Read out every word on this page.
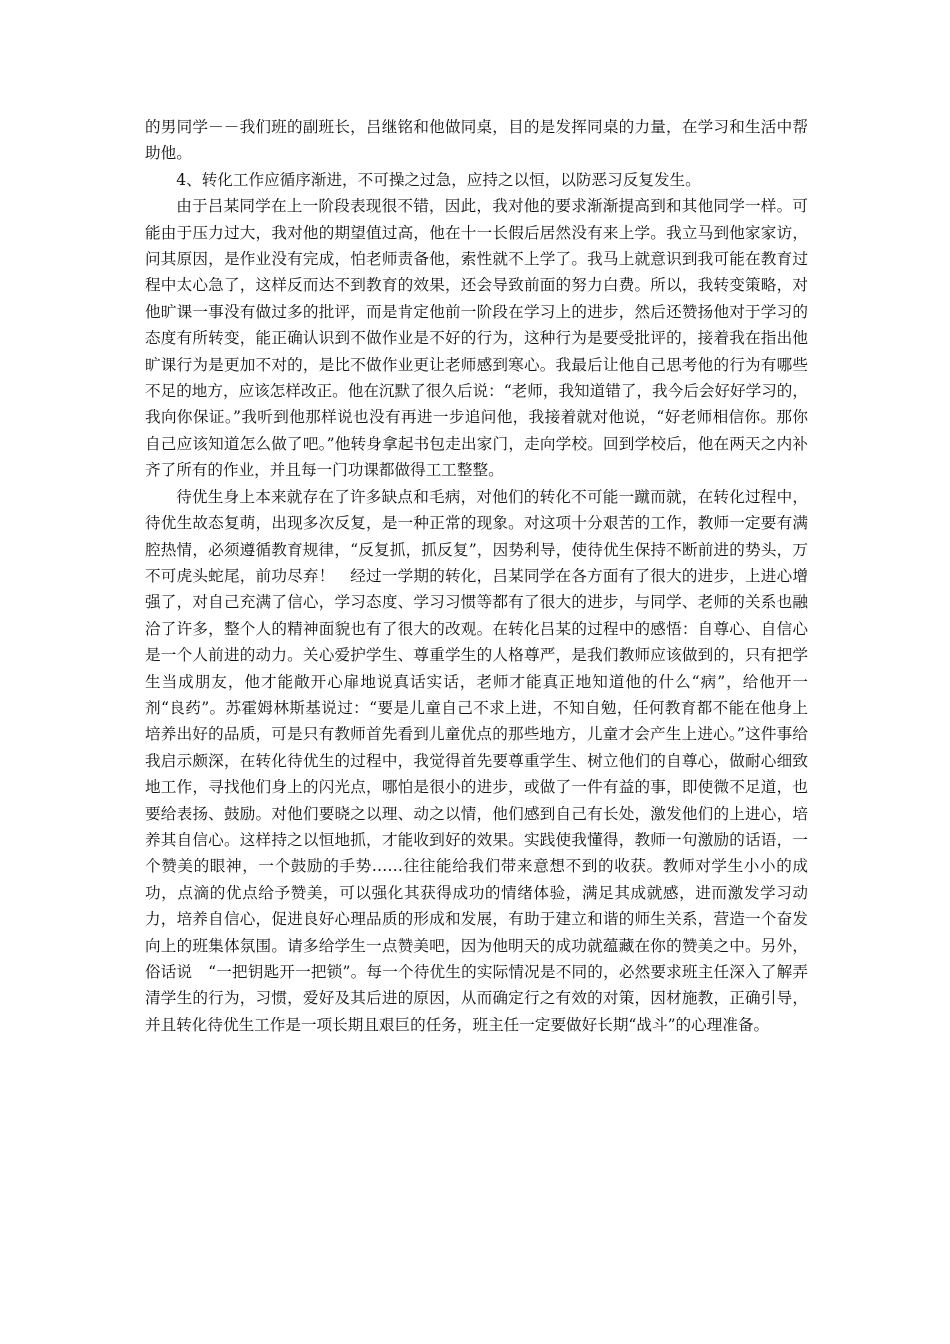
的男同学－－我们班的副班长，吕继铭和他做同桌，目的是发挥同桌的力量，在学习和生活中帮助他。

4、转化工作应循序渐进，不可操之过急，应持之以恒，以防恶习反复发生。

由于吕某同学在上一阶段表现很不错，因此，我对他的要求渐渐提高到和其他同学一样。可能由于压力过大，我对他的期望值过高，他在十一长假后居然没有来上学。我立马到他家家访，问其原因，是作业没有完成，怕老师责备他，索性就不上学了。我马上就意识到我可能在教育过程中太心急了，这样反而达不到教育的效果，还会导致前面的努力白费。所以，我转变策略，对他旷课一事没有做过多的批评，而是肯定他前一阶段在学习上的进步，然后还赞扬他对于学习的态度有所转变，能正确认识到不做作业是不好的行为，这种行为是要受批评的，接着我在指出他旷课行为是更加不对的，是比不做作业更让老师感到寒心。我最后让他自己思考他的行为有哪些不足的地方，应该怎样改正。他在沉默了很久后说：“老师，我知道错了，我今后会好好学习的，我向你保证。”我听到他那样说也没有再进一步追问他，我接着就对他说，“好老师相信你。那你自己应该知道怎么做了吧。”他转身拿起书包走出家门，走向学校。回到学校后，他在两天之内补齐了所有的作业，并且每一门功课都做得工工整整。

待优生身上本来就存在了许多缺点和毛病，对他们的转化不可能一蹴而就，在转化过程中，待优生故态复萌，出现多次反复，是一种正常的现象。对这项十分艰苦的工作，教师一定要有满腔热情，必须遵循教育规律，“反复抓，抓反复”，因势利导，使待优生保持不断前进的势头，万不可虎头蛇尾，前功尽弃！　经过一学期的转化，吕某同学在各方面有了很大的进步，上进心增强了，对自己充满了信心，学习态度、学习习惯等都有了很大的进步，与同学、老师的关系也融洽了许多，整个人的精神面貌也有了很大的改观。在转化吕某的过程中的感悟：自尊心、自信心是一个人前进的动力。关心爱护学生、尊重学生的人格尊严，是我们教师应该做到的，只有把学生当成朋友，他才能敞开心扉地说真话实话，老师才能真正地知道他的什么“病”，给他开一剂“良药”。苏霍姆林斯基说过：“要是儿童自己不求上进，不知自勉，任何教育都不能在他身上培养出好的品质，可是只有教师首先看到儿童优点的那些地方，儿童才会产生上进心。”这件事给我启示颇深，在转化待优生的过程中，我觉得首先要尊重学生、树立他们的自尊心，做耐心细致地工作，寻找他们身上的闪光点，哪怕是很小的进步，或做了一件有益的事，即使微不足道，也要给表扬、鼓励。对他们要晓之以理、动之以情，他们感到自己有长处，激发他们的上进心，培养其自信心。这样持之以恒地抓，才能收到好的效果。实践使我懂得，教师一句激励的话语，一个赞美的眼神，一个鼓励的手势……往往能给我们带来意想不到的收获。教师对学生小小的成功，点滴的优点给予赞美，可以强化其获得成功的情绪体验，满足其成就感，进而激发学习动力，培养自信心，促进良好心理品质的形成和发展，有助于建立和谐的师生关系，营造一个奋发向上的班集体氛围。请多给学生一点赞美吧，因为他明天的成功就蕴藏在你的赞美之中。另外，俗话说　“一把钥匙开一把锁”。每一个待优生的实际情况是不同的，必然要求班主任深入了解弄清学生的行为，习惯，爱好及其后进的原因，从而确定行之有效的对策，因材施教，正确引导，并且转化待优生工作是一项长期且艰巨的任务，班主任一定要做好长期“战斗”的心理准备。
